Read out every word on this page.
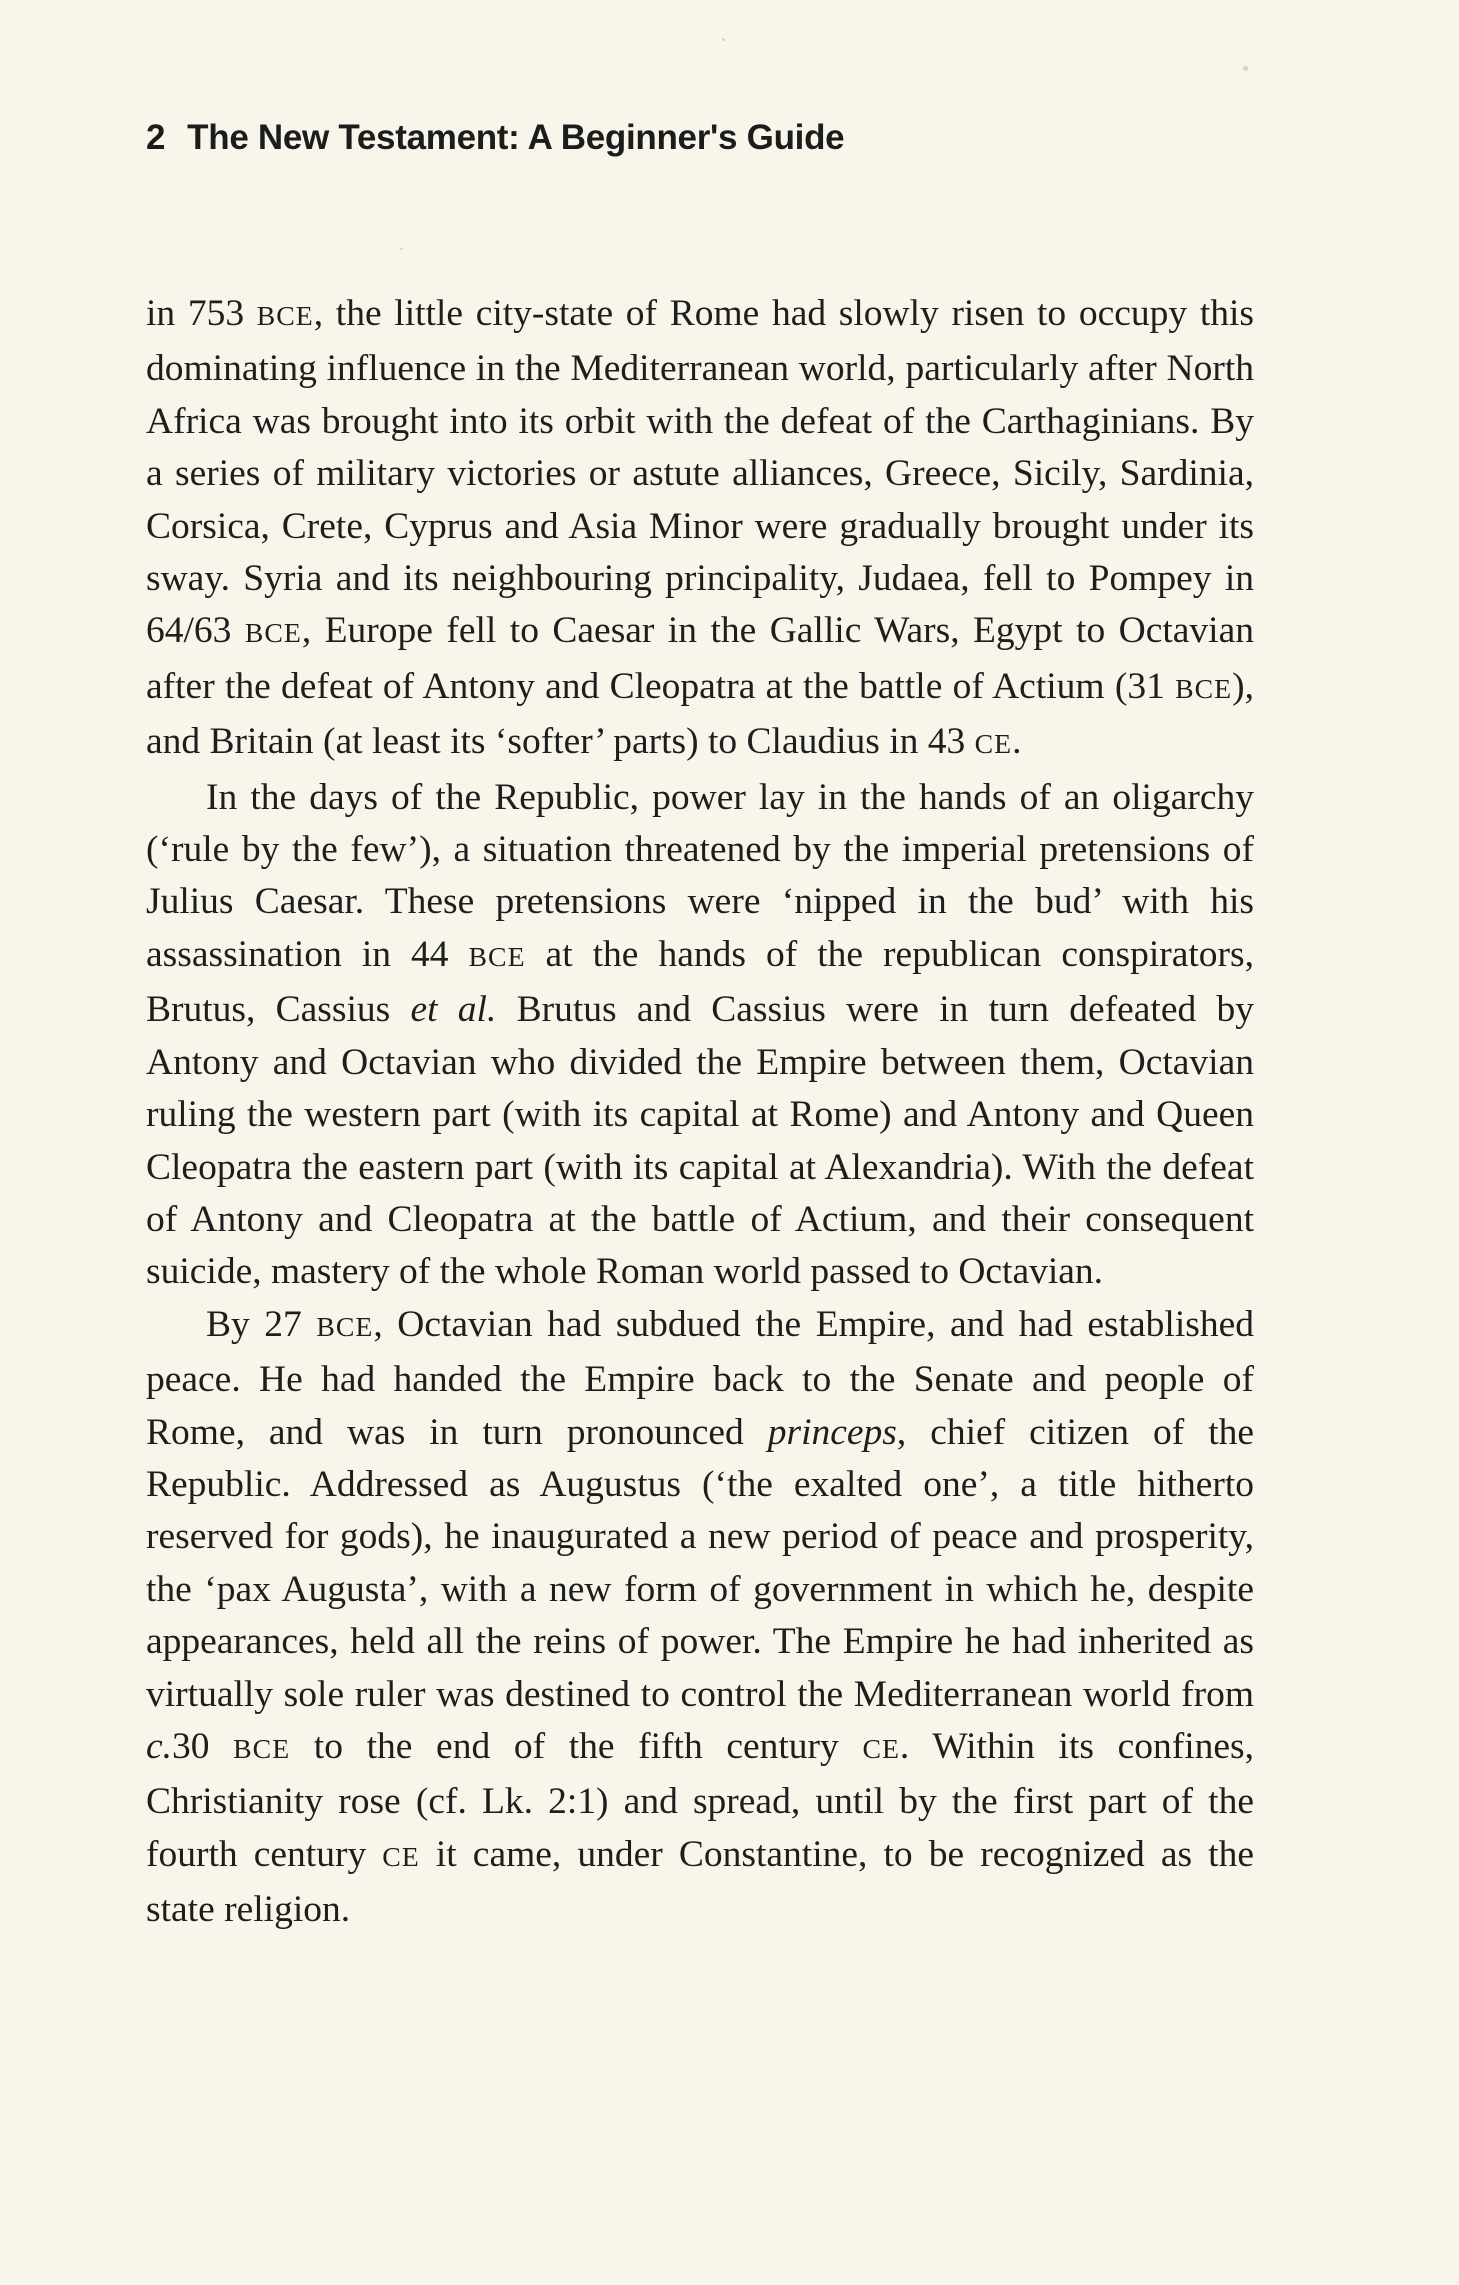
2 The New Testament: A Beginner's Guide

in 753 BCE, the little city-state of Rome had slowly risen to occupy this dominating influence in the Mediterranean world, particularly after North Africa was brought into its orbit with the defeat of the Carthaginians. By a series of military victories or astute alliances, Greece, Sicily, Sardinia, Corsica, Crete, Cyprus and Asia Minor were gradually brought under its sway. Syria and its neighbouring principality, Judaea, fell to Pompey in 64/63 BCE, Europe fell to Caesar in the Gallic Wars, Egypt to Octavian after the defeat of Antony and Cleopatra at the battle of Actium (31 BCE), and Britain (at least its ‘softer’ parts) to Claudius in 43 CE.

In the days of the Republic, power lay in the hands of an oligarchy (‘rule by the few’), a situation threatened by the imperial pretensions of Julius Caesar. These pretensions were ‘nipped in the bud’ with his assassination in 44 BCE at the hands of the republican conspirators, Brutus, Cassius et al. Brutus and Cassius were in turn defeated by Antony and Octavian who divided the Empire between them, Octavian ruling the western part (with its capital at Rome) and Antony and Queen Cleopatra the eastern part (with its capital at Alexandria). With the defeat of Antony and Cleopatra at the battle of Actium, and their consequent suicide, mastery of the whole Roman world passed to Octavian.

By 27 BCE, Octavian had subdued the Empire, and had established peace. He had handed the Empire back to the Senate and people of Rome, and was in turn pronounced princeps, chief citizen of the Republic. Addressed as Augustus (‘the exalted one’, a title hitherto reserved for gods), he inaugurated a new period of peace and prosperity, the ‘pax Augusta’, with a new form of government in which he, despite appearances, held all the reins of power. The Empire he had inherited as virtually sole ruler was destined to control the Mediterranean world from c.30 BCE to the end of the fifth century CE. Within its confines, Christianity rose (cf. Lk. 2:1) and spread, until by the first part of the fourth century CE it came, under Constantine, to be recognized as the state religion.
